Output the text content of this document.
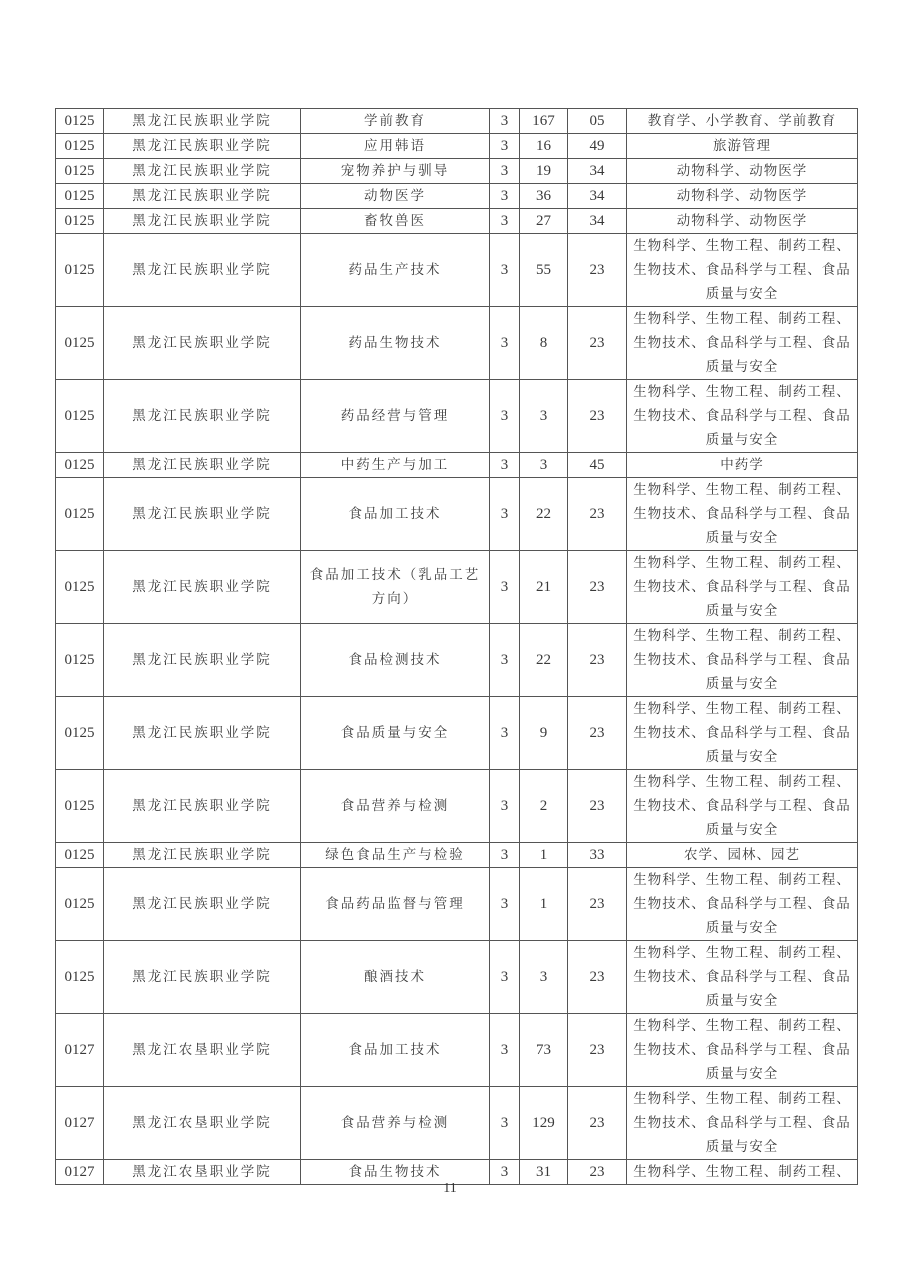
0125	黑龙江民族职业学院	学前教育	3	167	05	教育学、小学教育、学前教育
0125	黑龙江民族职业学院	应用韩语	3	16	49	旅游管理
0125	黑龙江民族职业学院	宠物养护与驯导	3	19	34	动物科学、动物医学
0125	黑龙江民族职业学院	动物医学	3	36	34	动物科学、动物医学
0125	黑龙江民族职业学院	畜牧兽医	3	27	34	动物科学、动物医学
0125	黑龙江民族职业学院	药品生产技术	3	55	23	生物科学、生物工程、制药工程、生物技术、食品科学与工程、食品质量与安全
0125	黑龙江民族职业学院	药品生物技术	3	8	23	生物科学、生物工程、制药工程、生物技术、食品科学与工程、食品质量与安全
0125	黑龙江民族职业学院	药品经营与管理	3	3	23	生物科学、生物工程、制药工程、生物技术、食品科学与工程、食品质量与安全
0125	黑龙江民族职业学院	中药生产与加工	3	3	45	中药学
0125	黑龙江民族职业学院	食品加工技术	3	22	23	生物科学、生物工程、制药工程、生物技术、食品科学与工程、食品质量与安全
0125	黑龙江民族职业学院	食品加工技术（乳品工艺方向）	3	21	23	生物科学、生物工程、制药工程、生物技术、食品科学与工程、食品质量与安全
0125	黑龙江民族职业学院	食品检测技术	3	22	23	生物科学、生物工程、制药工程、生物技术、食品科学与工程、食品质量与安全
0125	黑龙江民族职业学院	食品质量与安全	3	9	23	生物科学、生物工程、制药工程、生物技术、食品科学与工程、食品质量与安全
0125	黑龙江民族职业学院	食品营养与检测	3	2	23	生物科学、生物工程、制药工程、生物技术、食品科学与工程、食品质量与安全
0125	黑龙江民族职业学院	绿色食品生产与检验	3	1	33	农学、园林、园艺
0125	黑龙江民族职业学院	食品药品监督与管理	3	1	23	生物科学、生物工程、制药工程、生物技术、食品科学与工程、食品质量与安全
0125	黑龙江民族职业学院	酿酒技术	3	3	23	生物科学、生物工程、制药工程、生物技术、食品科学与工程、食品质量与安全
0127	黑龙江农垦职业学院	食品加工技术	3	73	23	生物科学、生物工程、制药工程、生物技术、食品科学与工程、食品质量与安全
0127	黑龙江农垦职业学院	食品营养与检测	3	129	23	生物科学、生物工程、制药工程、生物技术、食品科学与工程、食品质量与安全
0127	黑龙江农垦职业学院	食品生物技术	3	31	23	生物科学、生物工程、制药工程、
11
